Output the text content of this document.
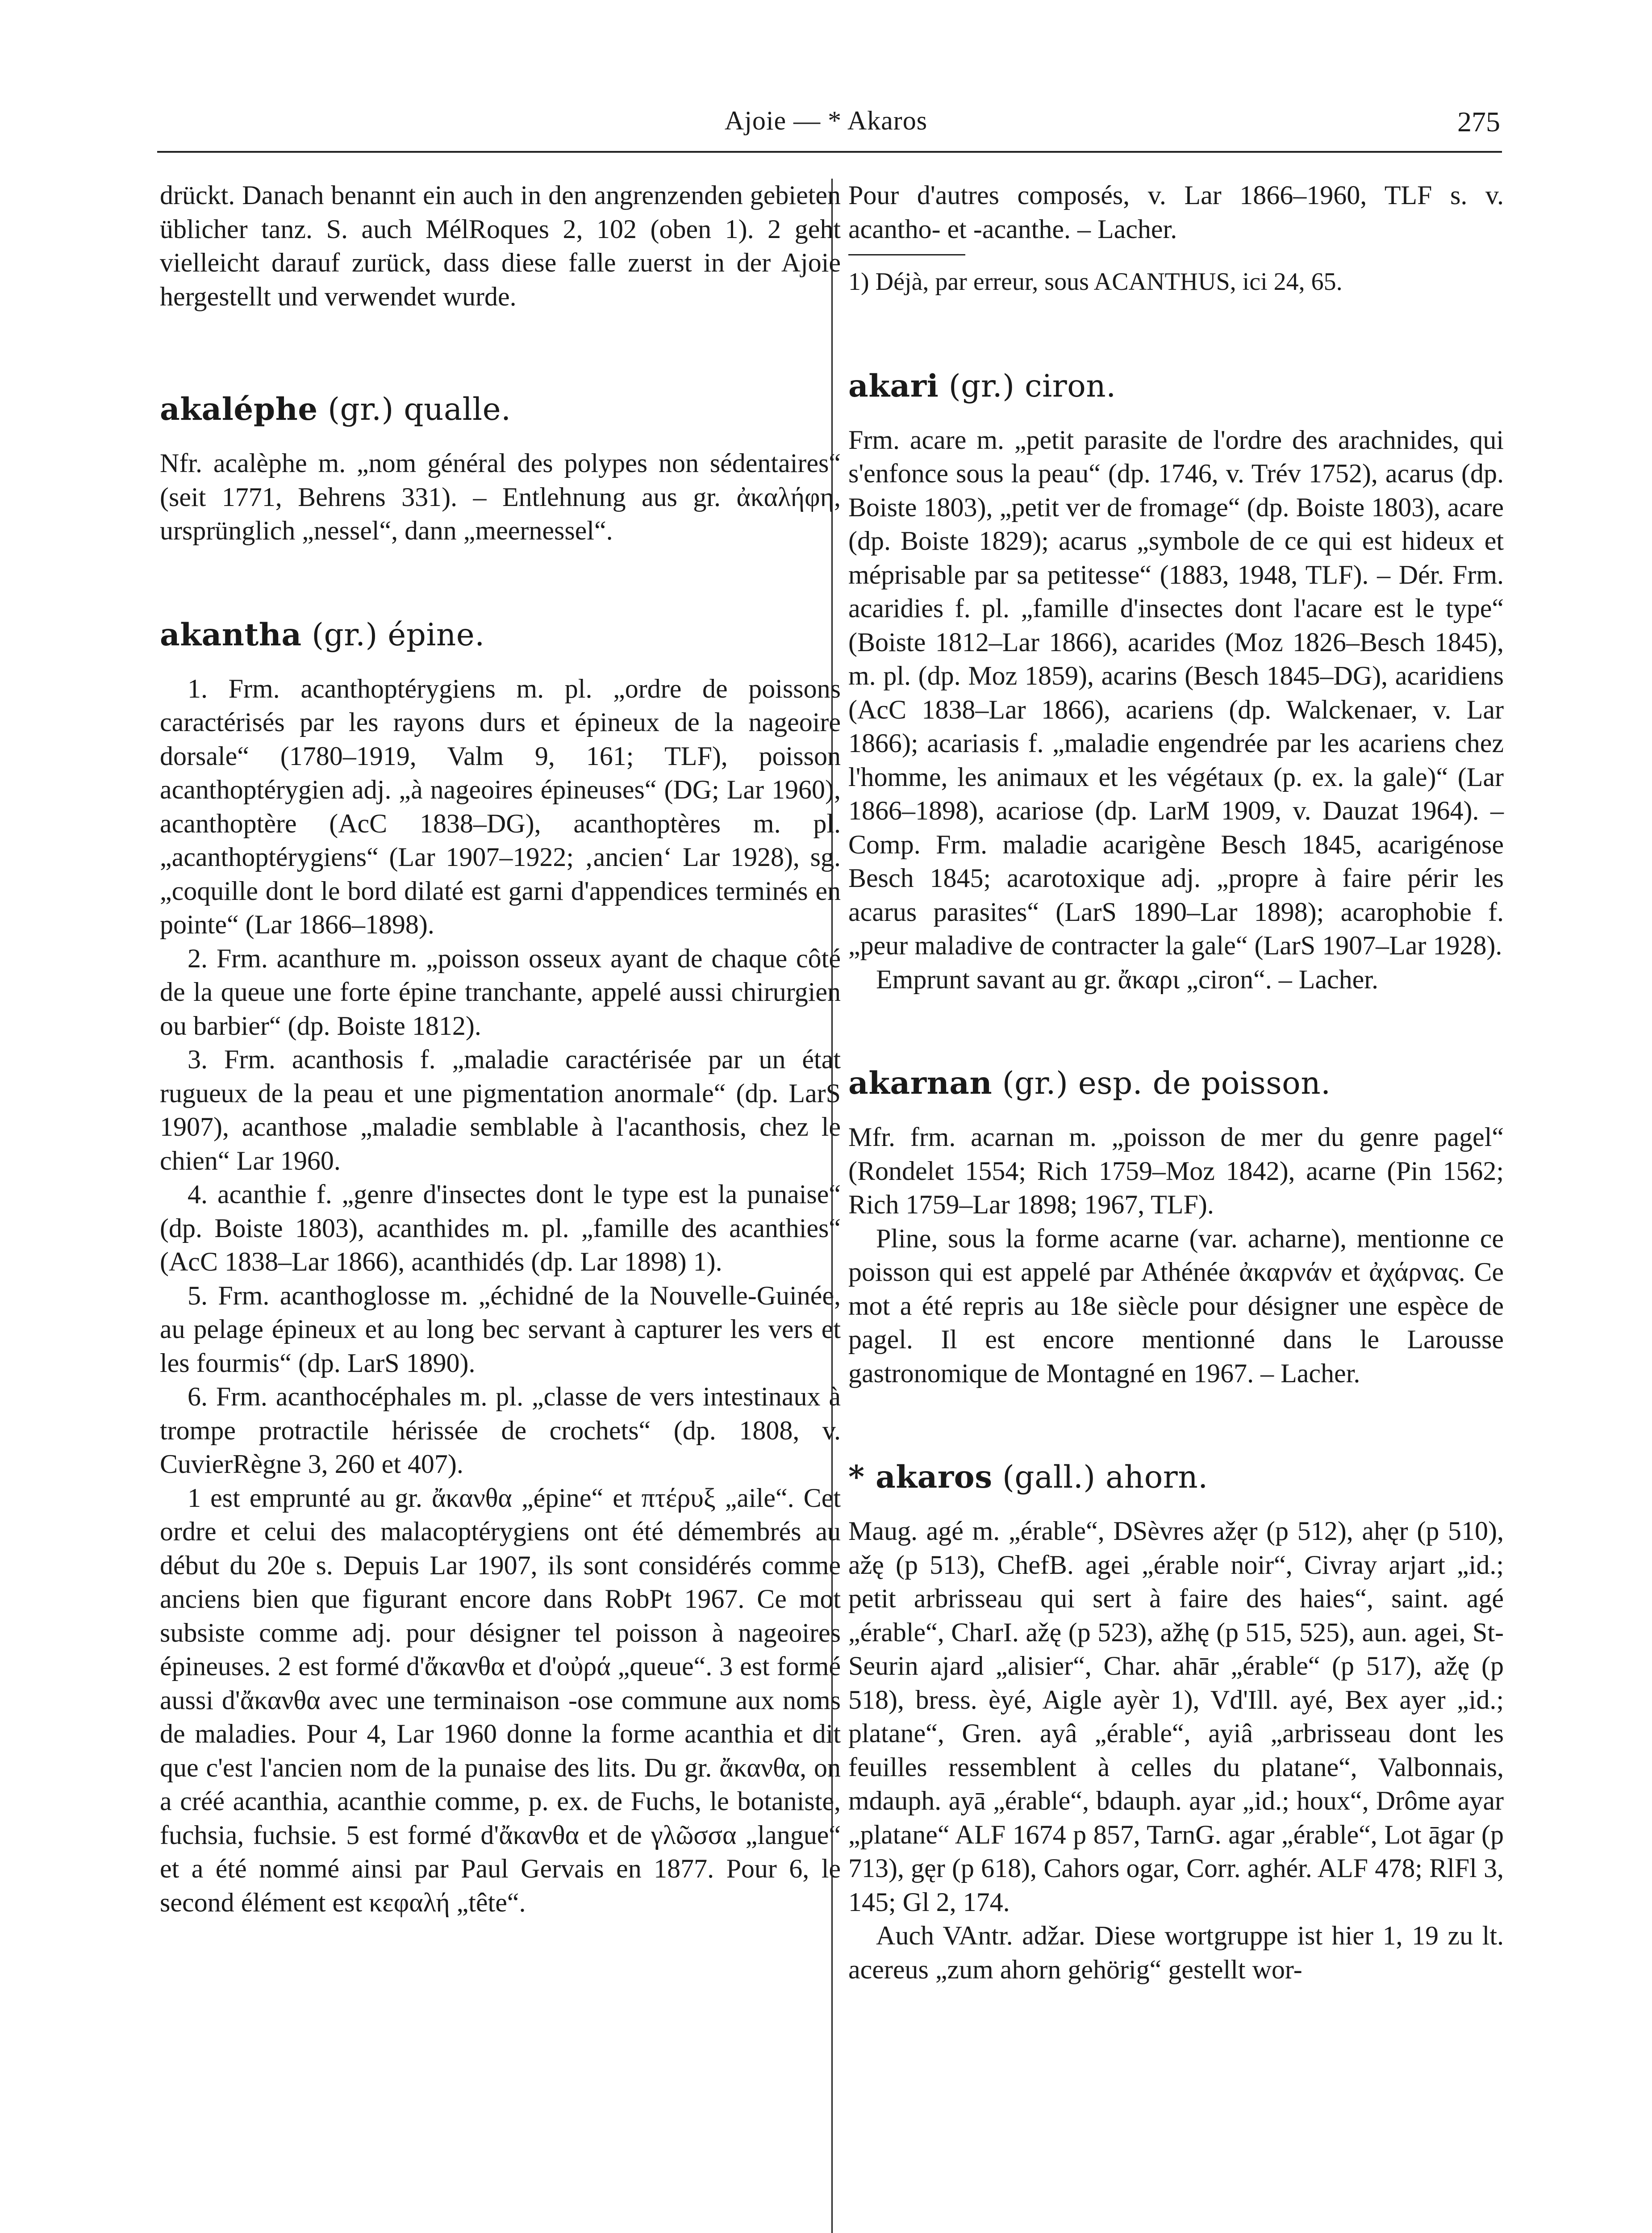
Ajoie — * Akaros	275

drückt. Danach benannt ein auch in den angrenzenden gebieten üblicher tanz. S. auch MélRoques 2, 102 (oben 1). 2 geht vielleicht darauf zurück, dass diese falle zuerst in der Ajoie hergestellt und verwendet wurde.

akaléphe (gr.) qualle.

Nfr. acalèphe m. „nom général des polypes non sédentaires“ (seit 1771, Behrens 331). – Entlehnung aus gr. ἀκαλήφη, ursprünglich „nessel“, dann „meernessel“.

akantha (gr.) épine.

1. Frm. acanthoptérygiens m. pl. „ordre de poissons caractérisés par les rayons durs et épineux de la nageoire dorsale“ (1780–1919, Valm 9, 161; TLF), poisson acanthoptérygien adj. „à nageoires épineuses“ (DG; Lar 1960), acanthoptère (AcC 1838–DG), acanthoptères m. pl. „acanthoptérygiens“ (Lar 1907–1922; ‚ancien‘ Lar 1928), sg. „coquille dont le bord dilaté est garni d'appendices terminés en pointe“ (Lar 1866–1898).

2. Frm. acanthure m. „poisson osseux ayant de chaque côté de la queue une forte épine tranchante, appelé aussi chirurgien ou barbier“ (dp. Boiste 1812).

3. Frm. acanthosis f. „maladie caractérisée par un état rugueux de la peau et une pigmentation anormale“ (dp. LarS 1907), acanthose „maladie semblable à l'acanthosis, chez le chien“ Lar 1960.

4. acanthie f. „genre d'insectes dont le type est la punaise“ (dp. Boiste 1803), acanthides m. pl. „famille des acanthies“ (AcC 1838–Lar 1866), acanthidés (dp. Lar 1898) 1).

5. Frm. acanthoglosse m. „échidné de la Nouvelle-Guinée, au pelage épineux et au long bec servant à capturer les vers et les fourmis“ (dp. LarS 1890).

6. Frm. acanthocéphales m. pl. „classe de vers intestinaux à trompe protractile hérissée de crochets“ (dp. 1808, v. CuvierRègne 3, 260 et 407).

1 est emprunté au gr. ἄκανθα „épine“ et πτέρυξ „aile“. Cet ordre et celui des malacoptérygiens ont été démembrés au début du 20e s. Depuis Lar 1907, ils sont considérés comme anciens bien que figurant encore dans RobPt 1967. Ce mot subsiste comme adj. pour désigner tel poisson à nageoires épineuses. 2 est formé d'ἄκανθα et d'οὐρά „queue“. 3 est formé aussi d'ἄκανθα avec une terminaison -ose commune aux noms de maladies. Pour 4, Lar 1960 donne la forme acanthia et dit que c'est l'ancien nom de la punaise des lits. Du gr. ἄκανθα, on a créé acanthia, acanthie comme, p. ex. de Fuchs, le botaniste, fuchsia, fuchsie. 5 est formé d'ἄκανθα et de γλῶσσα „langue“ et a été nommé ainsi par Paul Gervais en 1877. Pour 6, le second élément est κεφαλή „tête“.

Pour d'autres composés, v. Lar 1866–1960, TLF s. v. acantho- et -acanthe. – Lacher.

1) Déjà, par erreur, sous ACANTHUS, ici 24, 65.

akari (gr.) ciron.

Frm. acare m. „petit parasite de l'ordre des arachnides, qui s'enfonce sous la peau“ (dp. 1746, v. Trév 1752), acarus (dp. Boiste 1803), „petit ver de fromage“ (dp. Boiste 1803), acare (dp. Boiste 1829); acarus „symbole de ce qui est hideux et méprisable par sa petitesse“ (1883, 1948, TLF). – Dér. Frm. acaridies f. pl. „famille d'insectes dont l'acare est le type“ (Boiste 1812–Lar 1866), acarides (Moz 1826–Besch 1845), m. pl. (dp. Moz 1859), acarins (Besch 1845–DG), acaridiens (AcC 1838–Lar 1866), acariens (dp. Walckenaer, v. Lar 1866); acariasis f. „maladie engendrée par les acariens chez l'homme, les animaux et les végétaux (p. ex. la gale)“ (Lar 1866–1898), acariose (dp. LarM 1909, v. Dauzat 1964). – Comp. Frm. maladie acarigène Besch 1845, acarigénose Besch 1845; acarotoxique adj. „propre à faire périr les acarus parasites“ (LarS 1890–Lar 1898); acarophobie f. „peur maladive de contracter la gale“ (LarS 1907–Lar 1928).

Emprunt savant au gr. ἄκαρι „ciron“. – Lacher.

akarnan (gr.) esp. de poisson.

Mfr. frm. acarnan m. „poisson de mer du genre pagel“ (Rondelet 1554; Rich 1759–Moz 1842), acarne (Pin 1562; Rich 1759–Lar 1898; 1967, TLF).

Pline, sous la forme acarne (var. acharne), mentionne ce poisson qui est appelé par Athénée ἀκαρνάν et ἀχάρνας. Ce mot a été repris au 18e siècle pour désigner une espèce de pagel. Il est encore mentionné dans le Larousse gastronomique de Montagné en 1967. – Lacher.

* akaros (gall.) ahorn.

Maug. agé m. „érable“, DSèvres ažęr (p 512), ahęr (p 510), ažę (p 513), ChefB. agei „érable noir“, Civray arjart „id.; petit arbrisseau qui sert à faire des haies“, saint. agé „érable“, CharI. ažę (p 523), ažhę (p 515, 525), aun. agei, St-Seurin ajard „alisier“, Char. ahār „érable“ (p 517), ažę (p 518), bress. èyé, Aigle ayèr 1), Vd'Ill. ayé, Bex ayer „id.; platane“, Gren. ayâ „érable“, ayiâ „arbrisseau dont les feuilles ressemblent à celles du platane“, Valbonnais, mdauph. ayā „érable“, bdauph. ayar „id.; houx“, Drôme ayar „platane“ ALF 1674 p 857, TarnG. agar „érable“, Lot āgar (p 713), gęr (p 618), Cahors ogar, Corr. aghér. ALF 478; RlFl 3, 145; Gl 2, 174.

Auch VAntr. adžar. Diese wortgruppe ist hier 1, 19 zu lt. acereus „zum ahorn gehörig“ gestellt wor-
